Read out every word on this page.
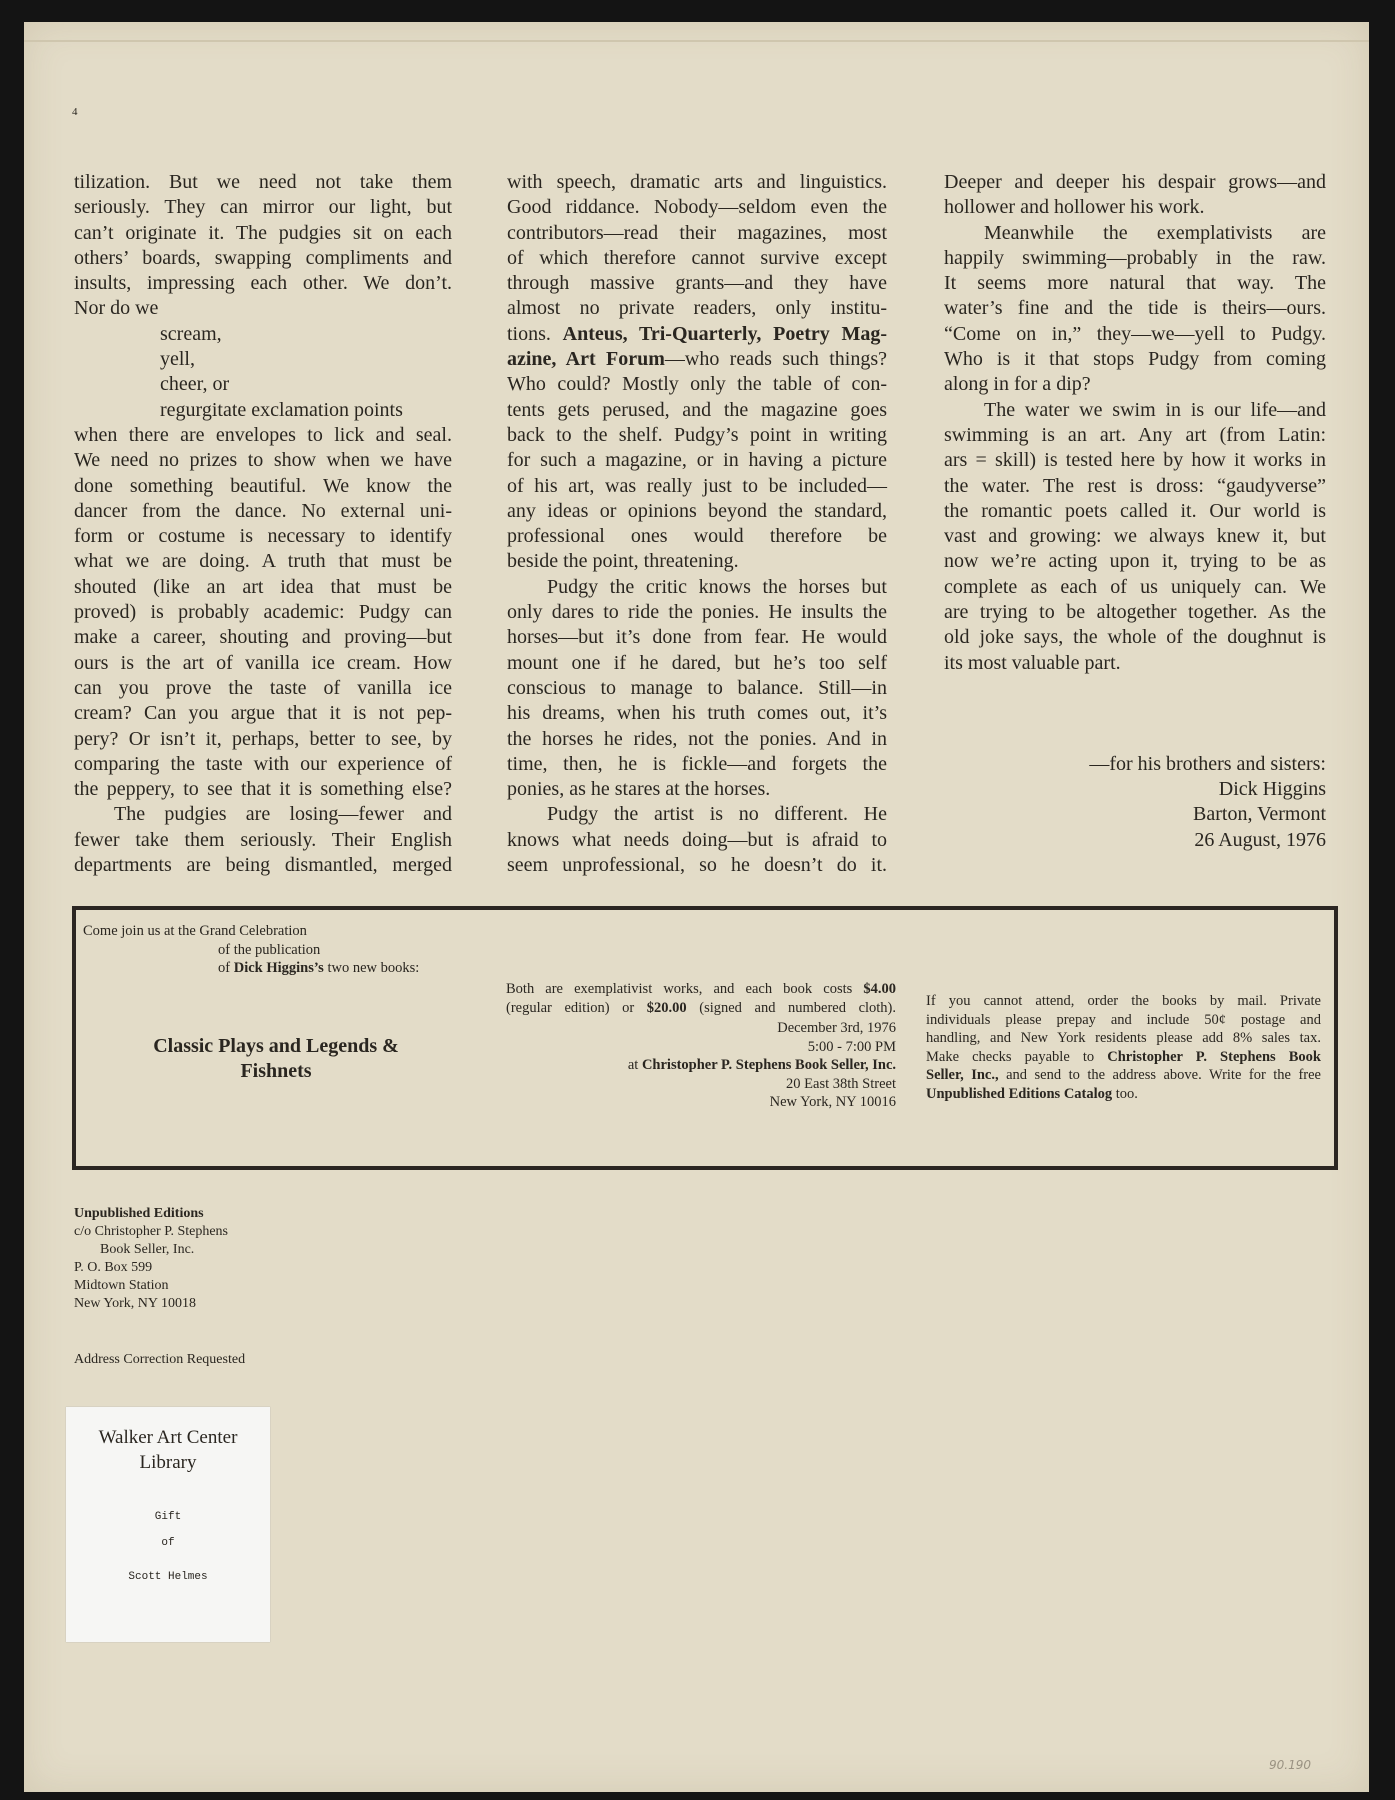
4
tilization. But we need not take them
seriously. They can mirror our light, but
can’t originate it. The pudgies sit on each
others’ boards, swapping compliments and
insults, impressing each other. We don’t.
Nor do we
scream,
yell,
cheer, or
regurgitate exclamation points
when there are envelopes to lick and seal.
We need no prizes to show when we have
done something beautiful. We know the
dancer from the dance. No external uni-
form or costume is necessary to identify
what we are doing. A truth that must be
shouted (like an art idea that must be
proved) is probably academic: Pudgy can
make a career, shouting and proving—but
ours is the art of vanilla ice cream. How
can you prove the taste of vanilla ice
cream? Can you argue that it is not pep-
pery? Or isn’t it, perhaps, better to see, by
comparing the taste with our experience of
the peppery, to see that it is something else?
The pudgies are losing—fewer and
fewer take them seriously. Their English
departments are being dismantled, merged
with speech, dramatic arts and linguistics.
Good riddance. Nobody—seldom even the
contributors—read their magazines, most
of which therefore cannot survive except
through massive grants—and they have
almost no private readers, only institu-
tions. Anteus, Tri-Quarterly, Poetry Mag-
azine, Art Forum—who reads such things?
Who could? Mostly only the table of con-
tents gets perused, and the magazine goes
back to the shelf. Pudgy’s point in writing
for such a magazine, or in having a picture
of his art, was really just to be included—
any ideas or opinions beyond the standard,
professional ones would therefore be
beside the point, threatening.
Pudgy the critic knows the horses but
only dares to ride the ponies. He insults the
horses—but it’s done from fear. He would
mount one if he dared, but he’s too self
conscious to manage to balance. Still—in
his dreams, when his truth comes out, it’s
the horses he rides, not the ponies. And in
time, then, he is fickle—and forgets the
ponies, as he stares at the horses.
Pudgy the artist is no different. He
knows what needs doing—but is afraid to
seem unprofessional, so he doesn’t do it.
Deeper and deeper his despair grows—and
hollower and hollower his work.
Meanwhile the exemplativists are
happily swimming—probably in the raw.
It seems more natural that way. The
water’s fine and the tide is theirs—ours.
“Come on in,” they—we—yell to Pudgy.
Who is it that stops Pudgy from coming
along in for a dip?
The water we swim in is our life—and
swimming is an art. Any art (from Latin:
ars = skill) is tested here by how it works in
the water. The rest is dross: “gaudyverse”
the romantic poets called it. Our world is
vast and growing: we always knew it, but
now we’re acting upon it, trying to be as
complete as each of us uniquely can. We
are trying to be altogether together. As the
old joke says, the whole of the doughnut is
its most valuable part.

—for his brothers and sisters:
Dick Higgins
Barton, Vermont
26 August, 1976
Come join us at the Grand Celebration
of the publication
of Dick Higgins’s two new books:
Classic Plays and Legends & Fishnets
Both are exemplativist works, and each book costs $4.00
(regular edition) or $20.00 (signed and numbered cloth).
December 3rd, 1976
5:00 - 7:00 PM
at Christopher P. Stephens Book Seller, Inc.
20 East 38th Street
New York, NY 10016
If you cannot attend, order the books by mail. Private
individuals please prepay and include 50¢ postage and
handling, and New York residents please add 8% sales tax.
Make checks payable to Christopher P. Stephens Book
Seller, Inc., and send to the address above. Write for the free
Unpublished Editions Catalog too.
Unpublished Editions
c/o Christopher P. Stephens
Book Seller, Inc.
P. O. Box 599
Midtown Station
New York, NY 10018
Address Correction Requested
Walker Art Center
Library
Gift
of
Scott Helmes
90.190
